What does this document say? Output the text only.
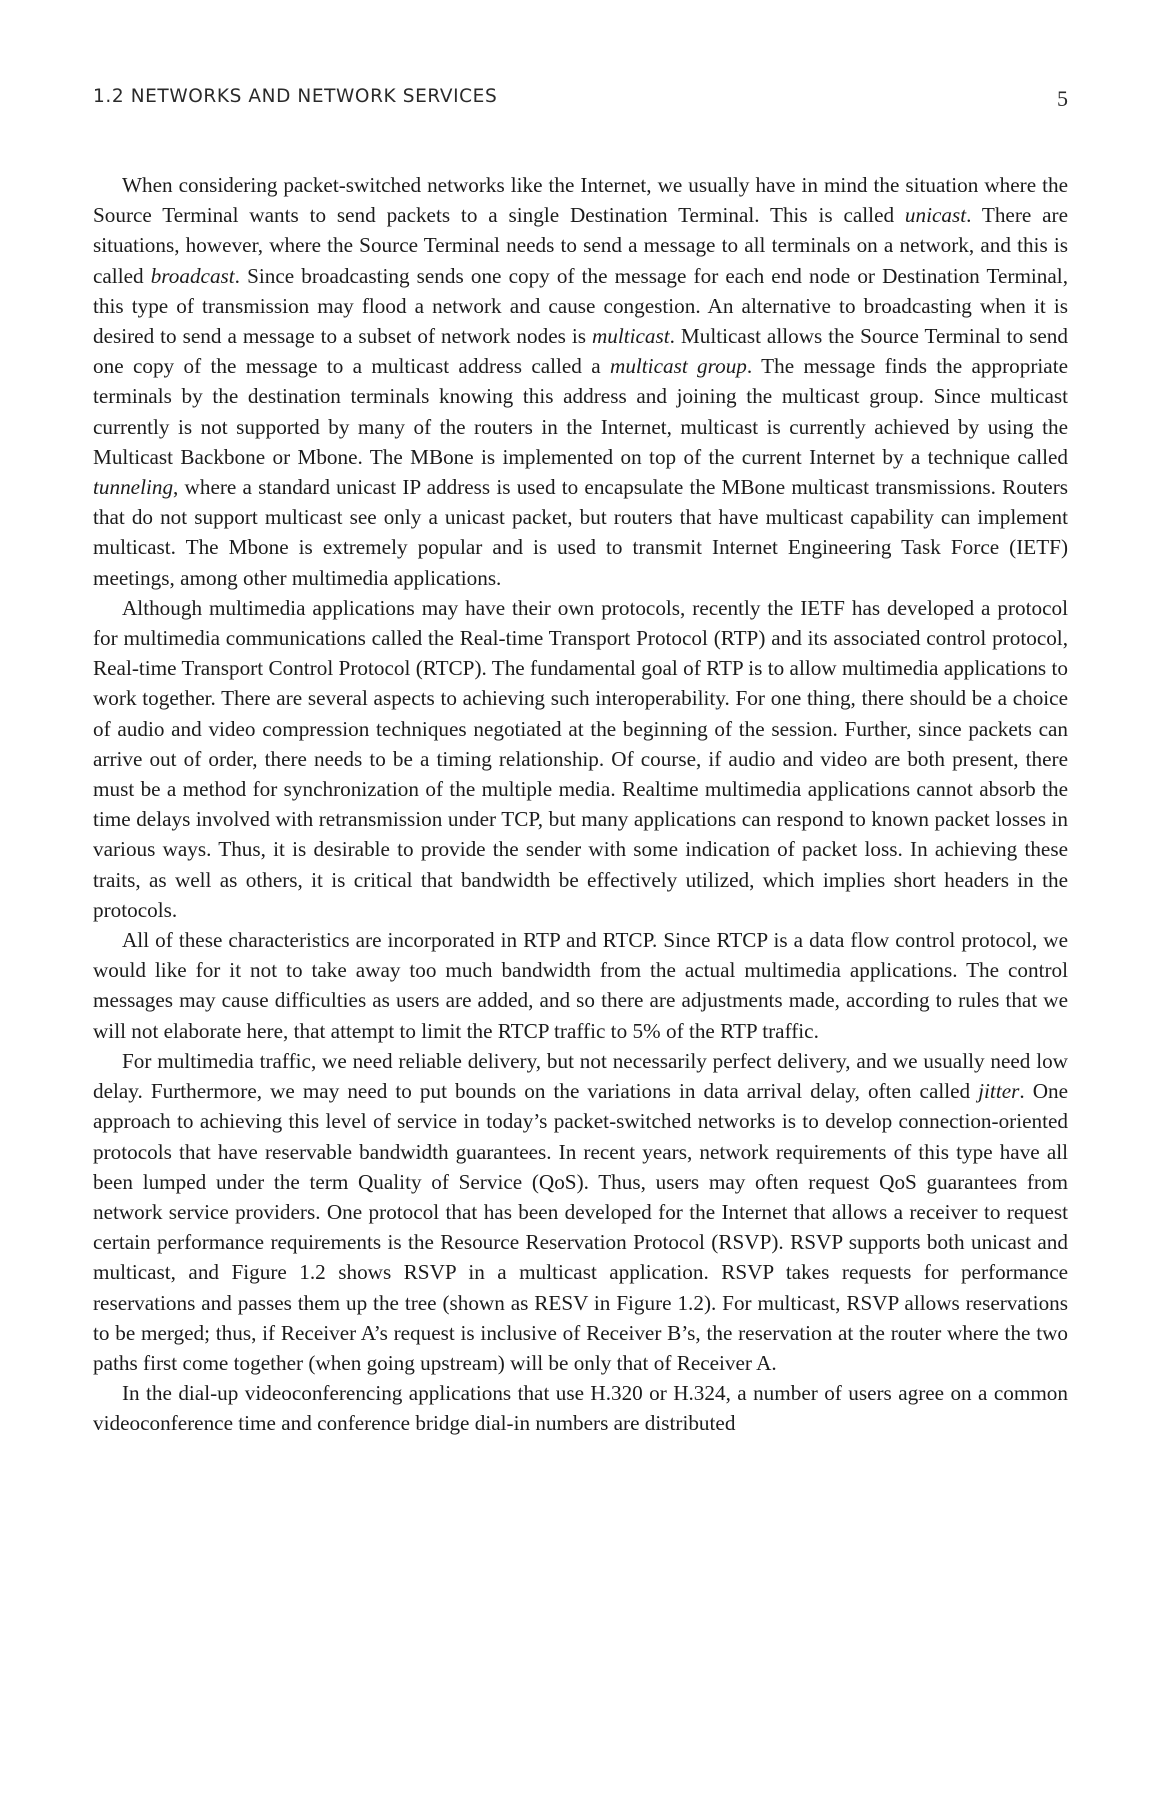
1.2 NETWORKS AND NETWORK SERVICES	5

When considering packet-switched networks like the Internet, we usually have in mind the situation where the Source Terminal wants to send packets to a single Destination Terminal. This is called unicast. There are situations, however, where the Source Terminal needs to send a message to all terminals on a network, and this is called broadcast. Since broadcasting sends one copy of the message for each end node or Destination Terminal, this type of transmission may flood a network and cause congestion. An alternative to broadcasting when it is desired to send a message to a subset of network nodes is multicast. Multicast allows the Source Terminal to send one copy of the message to a multicast address called a multicast group. The message finds the appropriate terminals by the destination terminals knowing this address and joining the multicast group. Since multicast currently is not supported by many of the routers in the Internet, multicast is currently achieved by using the Multicast Backbone or Mbone. The MBone is implemented on top of the current Internet by a technique called tunneling, where a standard unicast IP address is used to encapsulate the MBone multicast transmissions. Routers that do not support multicast see only a unicast packet, but routers that have multicast capability can implement multicast. The Mbone is extremely popular and is used to transmit Internet Engineering Task Force (IETF) meetings, among other multimedia applications.

Although multimedia applications may have their own protocols, recently the IETF has developed a protocol for multimedia communications called the Real-time Transport Protocol (RTP) and its associated control protocol, Real-time Transport Control Protocol (RTCP). The fundamental goal of RTP is to allow multimedia applications to work together. There are several aspects to achieving such interoperability. For one thing, there should be a choice of audio and video compression techniques negotiated at the beginning of the session. Further, since packets can arrive out of order, there needs to be a timing relationship. Of course, if audio and video are both present, there must be a method for synchronization of the multiple media. Realtime multimedia applications cannot absorb the time delays involved with retransmission under TCP, but many applications can respond to known packet losses in various ways. Thus, it is desirable to provide the sender with some indication of packet loss. In achieving these traits, as well as others, it is critical that bandwidth be effectively utilized, which implies short headers in the protocols.

All of these characteristics are incorporated in RTP and RTCP. Since RTCP is a data flow control protocol, we would like for it not to take away too much bandwidth from the actual multimedia applications. The control messages may cause difficulties as users are added, and so there are adjustments made, according to rules that we will not elaborate here, that attempt to limit the RTCP traffic to 5% of the RTP traffic.

For multimedia traffic, we need reliable delivery, but not necessarily perfect delivery, and we usually need low delay. Furthermore, we may need to put bounds on the variations in data arrival delay, often called jitter. One approach to achieving this level of service in today’s packet-switched networks is to develop connection-oriented protocols that have reservable bandwidth guarantees. In recent years, network requirements of this type have all been lumped under the term Quality of Service (QoS). Thus, users may often request QoS guarantees from network service providers. One protocol that has been developed for the Internet that allows a receiver to request certain performance requirements is the Resource Reservation Protocol (RSVP). RSVP supports both unicast and multicast, and Figure 1.2 shows RSVP in a multicast application. RSVP takes requests for performance reservations and passes them up the tree (shown as RESV in Figure 1.2). For multicast, RSVP allows reservations to be merged; thus, if Receiver A’s request is inclusive of Receiver B’s, the reservation at the router where the two paths first come together (when going upstream) will be only that of Receiver A.

In the dial-up videoconferencing applications that use H.320 or H.324, a number of users agree on a common videoconference time and conference bridge dial-in numbers are distributed
